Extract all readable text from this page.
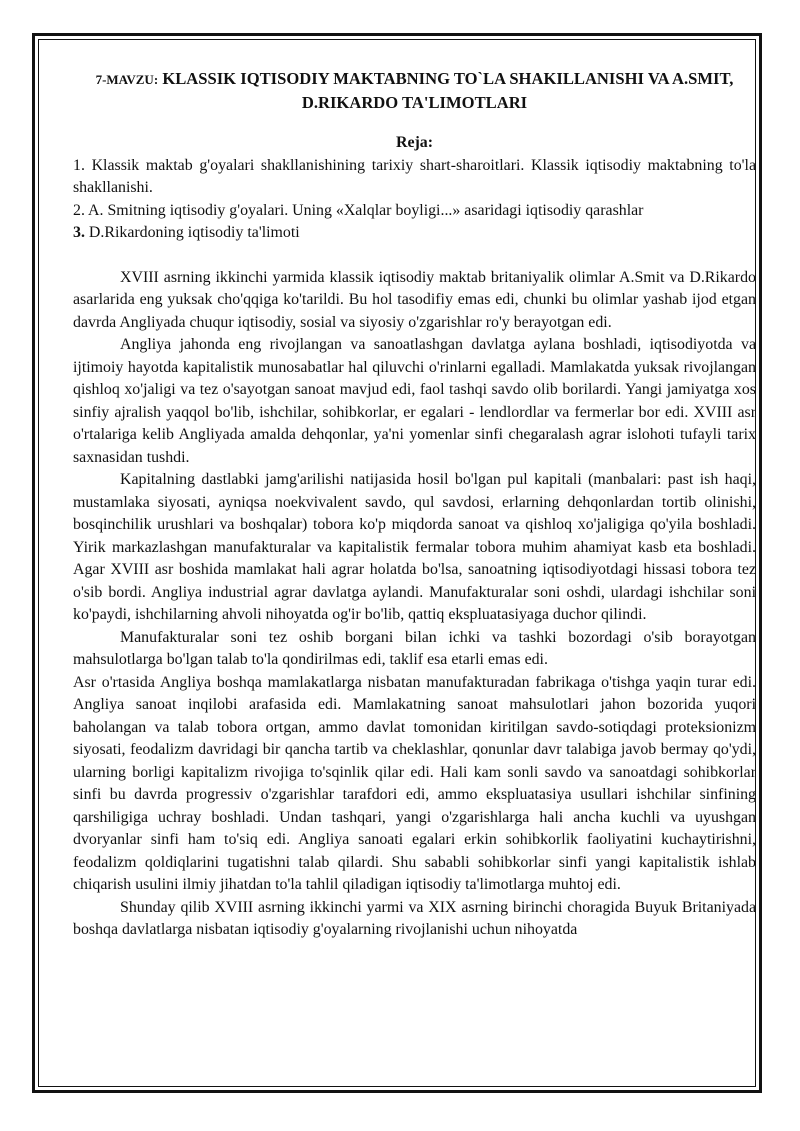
7-MAVZU: KLASSIK IQTISODIY MAKTABNING TO`LA SHAKILLANISHI VA A.SMIT, D.RIKARDO TA'LIMOTLARI

Reja:

1. Klassik maktab g'oyalari shakllanishining tarixiy shart-sharoitlari. Klassik iqtisodiy maktabning to'la shakllanishi.

2. A. Smitning iqtisodiy g'oyalari. Uning «Xalqlar boyligi...» asaridagi iqtisodiy qarashlar

3. D.Rikardoning iqtisodiy ta'limoti

XVIII asrning ikkinchi yarmida klassik iqtisodiy maktab britaniyalik olimlar A.Smit va D.Rikardo asarlarida eng yuksak cho'qqiga ko'tarildi. Bu hol tasodifiy emas edi, chunki bu olimlar yashab ijod etgan davrda Angliyada chuqur iqtisodiy, sosial va siyosiy o'zgarishlar ro'y berayotgan edi.

Angliya jahonda eng rivojlangan va sanoatlashgan davlatga aylana boshladi, iqtisodiyotda va ijtimoiy hayotda kapitalistik munosabatlar hal qiluvchi o'rinlarni egalladi. Mamlakatda yuksak rivojlangan qishloq xo'jaligi va tez o'sayotgan sanoat mavjud edi, faol tashqi savdo olib borilardi. Yangi jamiyatga xos sinfiy ajralish yaqqol bo'lib, ishchilar, sohibkorlar, er egalari - lendlordlar va fermerlar bor edi. XVIII asr o'rtalariga kelib Angliyada amalda dehqonlar, ya'ni yomenlar sinfi chegaralash agrar islohoti tufayli tarix saxnasidan tushdi.

Kapitalning dastlabki jamg'arilishi natijasida hosil bo'lgan pul kapitali (manbalari: past ish haqi, mustamlaka siyosati, ayniqsa noekvivalent savdo, qul savdosi, erlarning dehqonlardan tortib olinishi, bosqinchilik urushlari va boshqalar) tobora ko'p miqdorda sanoat va qishloq xo'jaligiga qo'yila boshladi. Yirik markazlashgan manufakturalar va kapitalistik fermalar tobora muhim ahamiyat kasb eta boshladi. Agar XVIII asr boshida mamlakat hali agrar holatda bo'lsa, sanoatning iqtisodiyotdagi hissasi tobora tez o'sib bordi. Angliya industrial agrar davlatga aylandi. Manufakturalar soni oshdi, ulardagi ishchilar soni ko'paydi, ishchilarning ahvoli nihoyatda og'ir bo'lib, qattiq ekspluatasiyaga duchor qilindi.

Manufakturalar soni tez oshib borgani bilan ichki va tashki bozordagi o'sib borayotgan mahsulotlarga bo'lgan talab to'la qondirilmas edi, taklif esa etarli emas edi.

Asr o'rtasida Angliya boshqa mamlakatlarga nisbatan manufakturadan fabrikaga o'tishga yaqin turar edi. Angliya sanoat inqilobi arafasida edi. Mamlakatning sanoat mahsulotlari jahon bozorida yuqori baholangan va talab tobora ortgan, ammo davlat tomonidan kiritilgan savdo-sotiqdagi proteksionizm siyosati, feodalizm davridagi bir qancha tartib va cheklashlar, qonunlar davr talabiga javob bermay qo'ydi, ularning borligi kapitalizm rivojiga to'sqinlik qilar edi. Hali kam sonli savdo va sanoatdagi sohibkorlar sinfi bu davrda progressiv o'zgarishlar tarafdori edi, ammo ekspluatasiya usullari ishchilar sinfining qarshiligiga uchray boshladi. Undan tashqari, yangi o'zgarishlarga hali ancha kuchli va uyushgan dvoryanlar sinfi ham to'siq edi. Angliya sanoati egalari erkin sohibkorlik faoliyatini kuchaytirishni, feodalizm qoldiqlarini tugatishni talab qilardi. Shu sababli sohibkorlar sinfi yangi kapitalistik ishlab chiqarish usulini ilmiy jihatdan to'la tahlil qiladigan iqtisodiy ta'limotlarga muhtoj edi.

Shunday qilib XVIII asrning ikkinchi yarmi va XIX asrning birinchi choragida Buyuk Britaniyada boshqa davlatlarga nisbatan iqtisodiy g'oyalarning rivojlanishi uchun nihoyatda
